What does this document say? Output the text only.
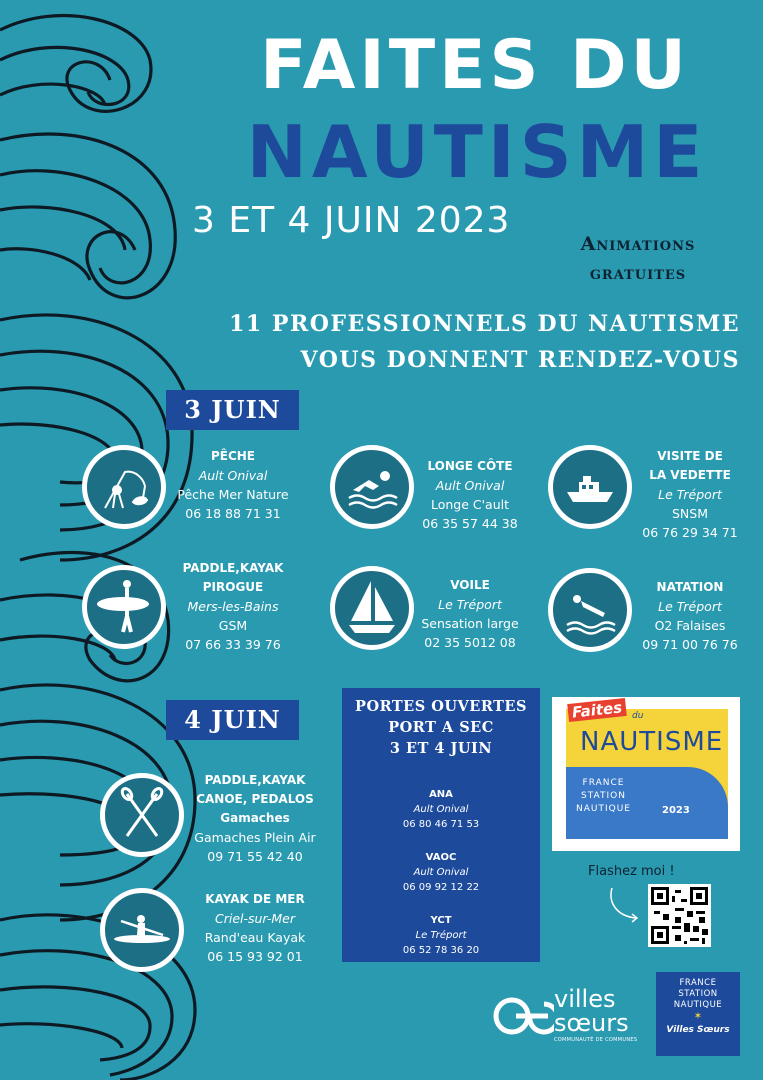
FAITES DU
NAUTISME
3 ET 4 JUIN 2023
Animations
gratuites
11 PROFESSIONNELS DU NAUTISME
VOUS DONNENT RENDEZ-VOUS
3 JUIN
4 JUIN
PÊCHE
Ault Onival
Pêche Mer Nature
06 18 88 71 31
LONGE CÔTE
Ault Onival
Longe C'ault
06 35 57 44 38
VISITE DE
LA VEDETTE
Le Tréport
SNSM
06 76 29 34 71
PADDLE,KAYAK
PIROGUE
Mers-les-Bains
GSM
07 66 33 39 76
VOILE
Le Tréport
Sensation large
02 35 5012 08
NATATION
Le Tréport
O2 Falaises
09 71 00 76 76
PADDLE,KAYAK
CANOE, PEDALOS
Gamaches
Gamaches Plein Air
09 71 55 42 40
KAYAK DE MER
Criel-sur-Mer
Rand'eau Kayak
06 15 93 92 01
PORTES OUVERTES
PORT A SEC
3 ET 4 JUIN
ANA
Ault Onival
06 80 46 71 53
VAOC
Ault Onival
06 09 92 12 22
YCT
Le Tréport
06 52 78 36 20
Faites	du
NAUTISME
FRANCE
STATION
NAUTIQUE	2023
Flashez moi !
villes
sœurs
COMMUNAUTÉ DE COMMUNES
FRANCE
STATION
NAUTIQUE
✶
Villes Sœurs
